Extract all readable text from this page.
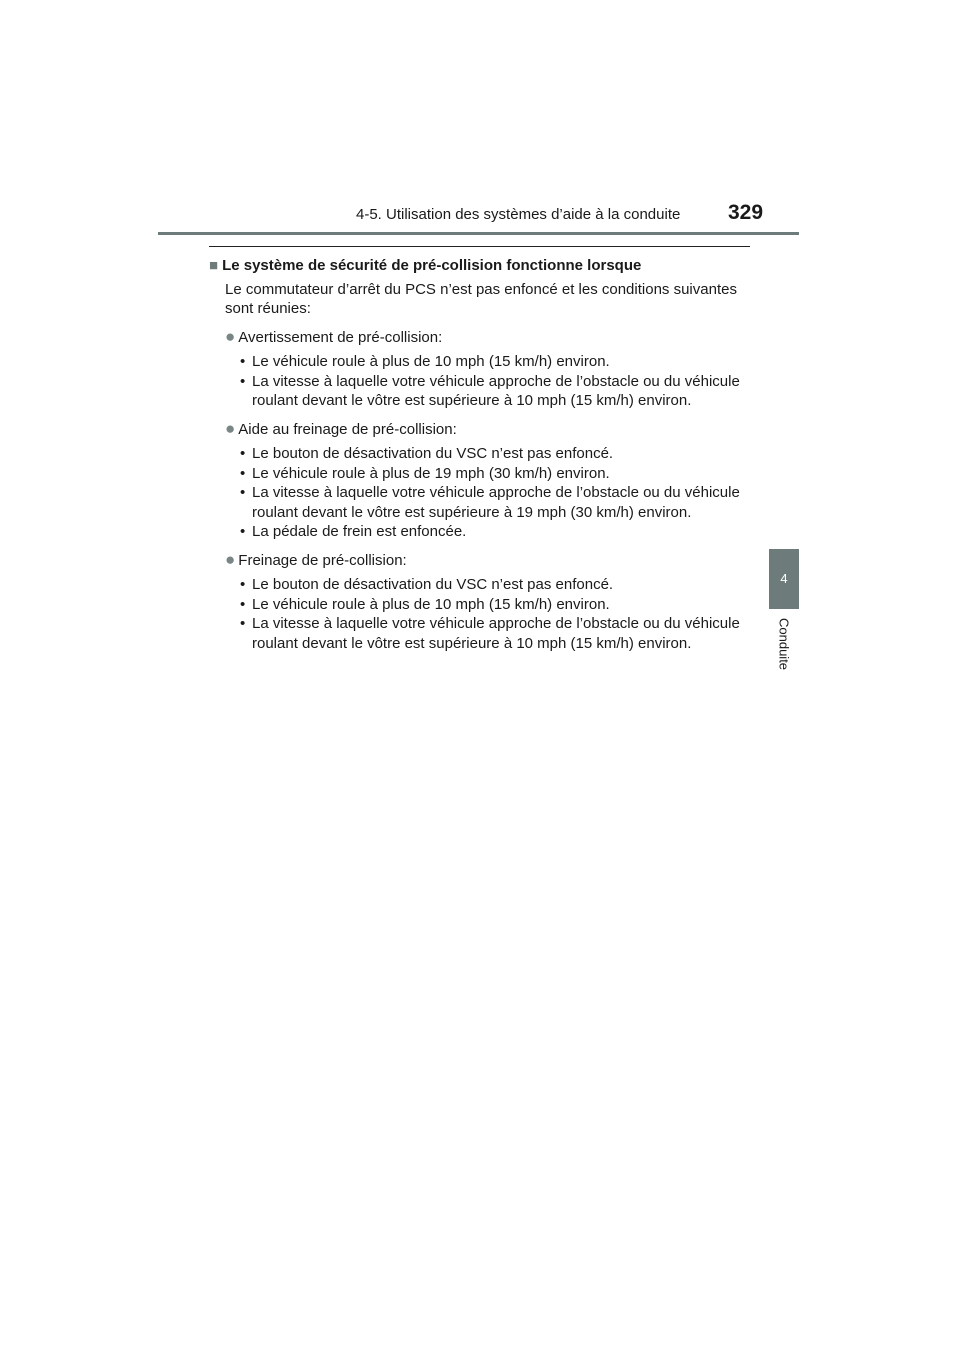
4-5. Utilisation des systèmes d’aide à la conduite 329
4
Conduite

■ Le système de sécurité de pré-collision fonctionne lorsque

Le commutateur d’arrêt du PCS n’est pas enfoncé et les conditions suivantes sont réunies:

● Avertissement de pré-collision:

• Le véhicule roule à plus de 10 mph (15 km/h) environ.
• La vitesse à laquelle votre véhicule approche de l’obstacle ou du véhicule roulant devant le vôtre est supérieure à 10 mph (15 km/h) environ.

● Aide au freinage de pré-collision:

• Le bouton de désactivation du VSC n’est pas enfoncé.
• Le véhicule roule à plus de 19 mph (30 km/h) environ.
• La vitesse à laquelle votre véhicule approche de l’obstacle ou du véhicule roulant devant le vôtre est supérieure à 19 mph (30 km/h) environ.
• La pédale de frein est enfoncée.

● Freinage de pré-collision:

• Le bouton de désactivation du VSC n’est pas enfoncé.
• Le véhicule roule à plus de 10 mph (15 km/h) environ.
• La vitesse à laquelle votre véhicule approche de l’obstacle ou du véhicule roulant devant le vôtre est supérieure à 10 mph (15 km/h) environ.
